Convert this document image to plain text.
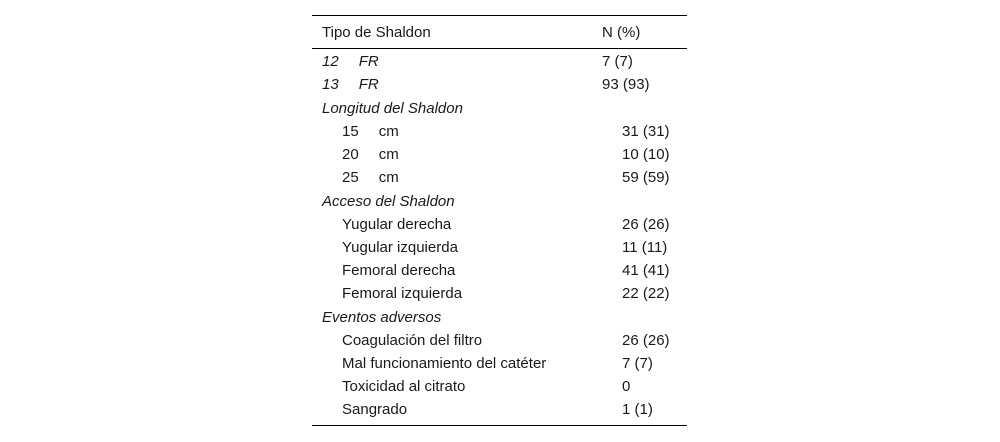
Tipo de Shaldon	N (%)
12 FR	7 (7)
13 FR	93 (93)
Longitud del Shaldon
15 cm	31 (31)
20 cm	10 (10)
25 cm	59 (59)
Acceso del Shaldon
Yugular derecha	26 (26)
Yugular izquierda	11 (11)
Femoral derecha	41 (41)
Femoral izquierda	22 (22)
Eventos adversos
Coagulación del filtro	26 (26)
Mal funcionamiento del catéter	7 (7)
Toxicidad al citrato	0
Sangrado	1 (1)
